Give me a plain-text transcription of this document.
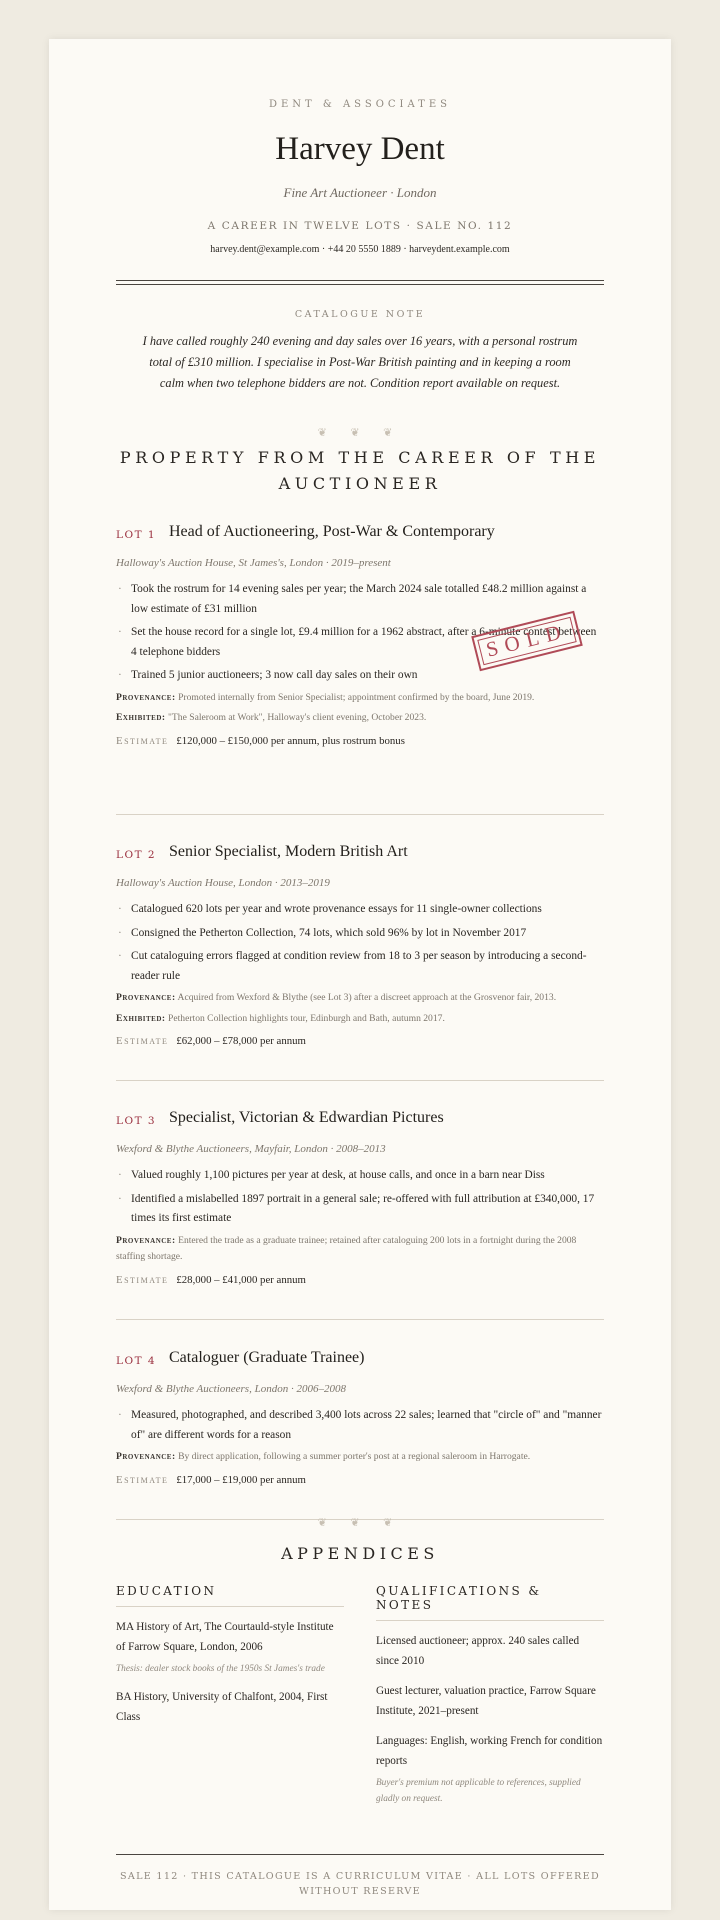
DENT & ASSOCIATES
Harvey Dent
Fine Art Auctioneer · London
A CAREER IN TWELVE LOTS · SALE NO. 112
harvey.dent@example.com · +44 20 5550 1889 · harveydent.example.com
CATALOGUE NOTE
I have called roughly 240 evening and day sales over 16 years, with a personal rostrum total of £310 million. I specialise in Post-War British painting and in keeping a room calm when two telephone bidders are not. Condition report available on request.
❦ ❦ ❦
PROPERTY FROM THE CAREER OF THE AUCTIONEER
LOT 1 Head of Auctioneering, Post-War & Contemporary
Halloway's Auction House, St James's, London · 2019–present
· Took the rostrum for 14 evening sales per year; the March 2024 sale totalled £48.2 million against a low estimate of £31 million
· Set the house record for a single lot, £9.4 million for a 1962 abstract, after a 6-minute contest between 4 telephone bidders
· Trained 5 junior auctioneers; 3 now call day sales on their own
Provenance: Promoted internally from Senior Specialist; appointment confirmed by the board, June 2019.
Exhibited: "The Saleroom at Work", Halloway's client evening, October 2023.
Estimate £120,000 – £150,000 per annum, plus rostrum bonus
SOLD
LOT 2 Senior Specialist, Modern British Art
Halloway's Auction House, London · 2013–2019
· Catalogued 620 lots per year and wrote provenance essays for 11 single-owner collections
· Consigned the Petherton Collection, 74 lots, which sold 96% by lot in November 2017
· Cut cataloguing errors flagged at condition review from 18 to 3 per season by introducing a second-reader rule
Provenance: Acquired from Wexford & Blythe (see Lot 3) after a discreet approach at the Grosvenor fair, 2013.
Exhibited: Petherton Collection highlights tour, Edinburgh and Bath, autumn 2017.
Estimate £62,000 – £78,000 per annum
LOT 3 Specialist, Victorian & Edwardian Pictures
Wexford & Blythe Auctioneers, Mayfair, London · 2008–2013
· Valued roughly 1,100 pictures per year at desk, at house calls, and once in a barn near Diss
· Identified a mislabelled 1897 portrait in a general sale; re-offered with full attribution at £340,000, 17 times its first estimate
Provenance: Entered the trade as a graduate trainee; retained after cataloguing 200 lots in a fortnight during the 2008 staffing shortage.
Estimate £28,000 – £41,000 per annum
LOT 4 Cataloguer (Graduate Trainee)
Wexford & Blythe Auctioneers, London · 2006–2008
· Measured, photographed, and described 3,400 lots across 22 sales; learned that "circle of" and "manner of" are different words for a reason
Provenance: By direct application, following a summer porter's post at a regional saleroom in Harrogate.
Estimate £17,000 – £19,000 per annum
❦ ❦ ❦
APPENDICES
EDUCATION

MA History of Art, The Courtauld-style Institute of Farrow Square, London, 2006

Thesis: dealer stock books of the 1950s St James's trade

BA History, University of Chalfont, 2004, First Class

QUALIFICATIONS & NOTES

Licensed auctioneer; approx. 240 sales called since 2010

Guest lecturer, valuation practice, Farrow Square Institute, 2021–present

Languages: English, working French for condition reports

Buyer's premium not applicable to references, supplied gladly on request.

SALE 112 · THIS CATALOGUE IS A CURRICULUM VITAE · ALL LOTS OFFERED WITHOUT RESERVE
